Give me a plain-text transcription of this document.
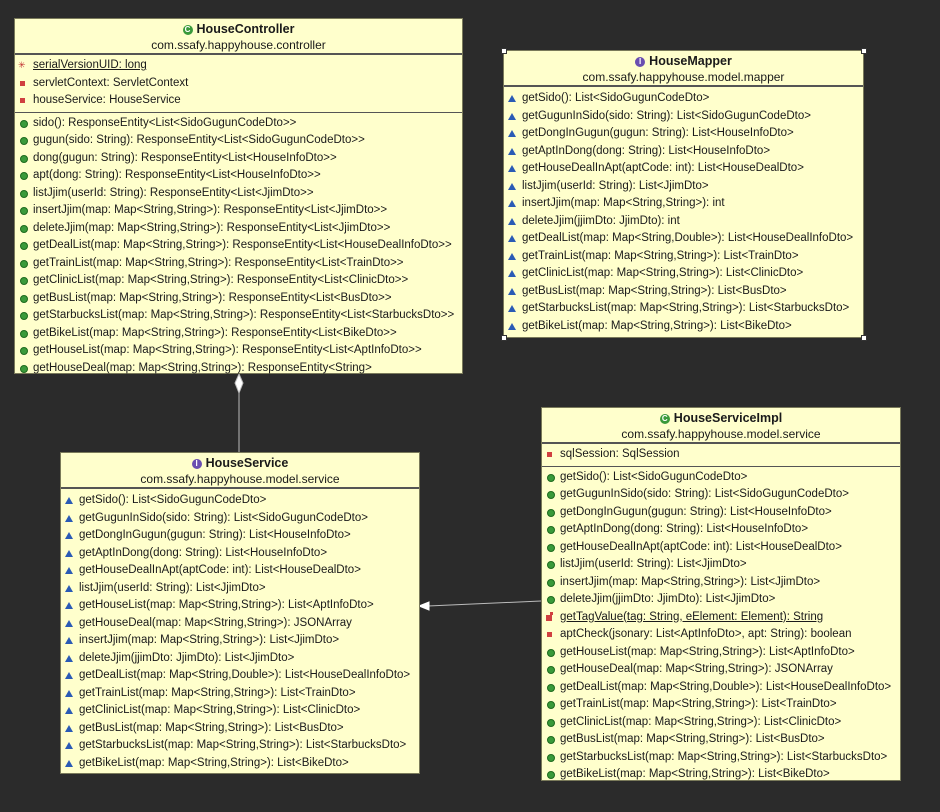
C HouseController
com.ssafy.happyhouse.controller
✳
serialVersionUID: long
servletContext: ServletContext
houseService: HouseService
sido(): ResponseEntity<List<SidoGugunCodeDto>>
gugun(sido: String): ResponseEntity<List<SidoGugunCodeDto>>
dong(gugun: String): ResponseEntity<List<HouseInfoDto>>
apt(dong: String): ResponseEntity<List<HouseInfoDto>>
listJjim(userId: String): ResponseEntity<List<JjimDto>>
insertJjim(map: Map<String,String>): ResponseEntity<List<JjimDto>>
deleteJjim(map: Map<String,String>): ResponseEntity<List<JjimDto>>
getDealList(map: Map<String,String>): ResponseEntity<List<HouseDealInfoDto>>
getTrainList(map: Map<String,String>): ResponseEntity<List<TrainDto>>
getClinicList(map: Map<String,String>): ResponseEntity<List<ClinicDto>>
getBusList(map: Map<String,String>): ResponseEntity<List<BusDto>>
getStarbucksList(map: Map<String,String>): ResponseEntity<List<StarbucksDto>>
getBikeList(map: Map<String,String>): ResponseEntity<List<BikeDto>>
getHouseList(map: Map<String,String>): ResponseEntity<List<AptInfoDto>>
getHouseDeal(map: Map<String,String>): ResponseEntity<String>
I HouseMapper
com.ssafy.happyhouse.model.mapper
getSido(): List<SidoGugunCodeDto>
getGugunInSido(sido: String): List<SidoGugunCodeDto>
getDongInGugun(gugun: String): List<HouseInfoDto>
getAptInDong(dong: String): List<HouseInfoDto>
getHouseDealInApt(aptCode: int): List<HouseDealDto>
listJjim(userId: String): List<JjimDto>
insertJjim(map: Map<String,String>): int
deleteJjim(jjimDto: JjimDto): int
getDealList(map: Map<String,Double>): List<HouseDealInfoDto>
getTrainList(map: Map<String,String>): List<TrainDto>
getClinicList(map: Map<String,String>): List<ClinicDto>
getBusList(map: Map<String,String>): List<BusDto>
getStarbucksList(map: Map<String,String>): List<StarbucksDto>
getBikeList(map: Map<String,String>): List<BikeDto>
I HouseService
com.ssafy.happyhouse.model.service
getSido(): List<SidoGugunCodeDto>
getGugunInSido(sido: String): List<SidoGugunCodeDto>
getDongInGugun(gugun: String): List<HouseInfoDto>
getAptInDong(dong: String): List<HouseInfoDto>
getHouseDealInApt(aptCode: int): List<HouseDealDto>
listJjim(userId: String): List<JjimDto>
getHouseList(map: Map<String,String>): List<AptInfoDto>
getHouseDeal(map: Map<String,String>): JSONArray
insertJjim(map: Map<String,String>): List<JjimDto>
deleteJjim(jjimDto: JjimDto): List<JjimDto>
getDealList(map: Map<String,Double>): List<HouseDealInfoDto>
getTrainList(map: Map<String,String>): List<TrainDto>
getClinicList(map: Map<String,String>): List<ClinicDto>
getBusList(map: Map<String,String>): List<BusDto>
getStarbucksList(map: Map<String,String>): List<StarbucksDto>
getBikeList(map: Map<String,String>): List<BikeDto>
C HouseServiceImpl
com.ssafy.happyhouse.model.service
sqlSession: SqlSession
getSido(): List<SidoGugunCodeDto>
getGugunInSido(sido: String): List<SidoGugunCodeDto>
getDongInGugun(gugun: String): List<HouseInfoDto>
getAptInDong(dong: String): List<HouseInfoDto>
getHouseDealInApt(aptCode: int): List<HouseDealDto>
listJjim(userId: String): List<JjimDto>
insertJjim(map: Map<String,String>): List<JjimDto>
deleteJjim(jjimDto: JjimDto): List<JjimDto>
getTagValue(tag: String, eElement: Element): String
aptCheck(jsonary: List<AptInfoDto>, apt: String): boolean
getHouseList(map: Map<String,String>): List<AptInfoDto>
getHouseDeal(map: Map<String,String>): JSONArray
getDealList(map: Map<String,Double>): List<HouseDealInfoDto>
getTrainList(map: Map<String,String>): List<TrainDto>
getClinicList(map: Map<String,String>): List<ClinicDto>
getBusList(map: Map<String,String>): List<BusDto>
getStarbucksList(map: Map<String,String>): List<StarbucksDto>
getBikeList(map: Map<String,String>): List<BikeDto>
